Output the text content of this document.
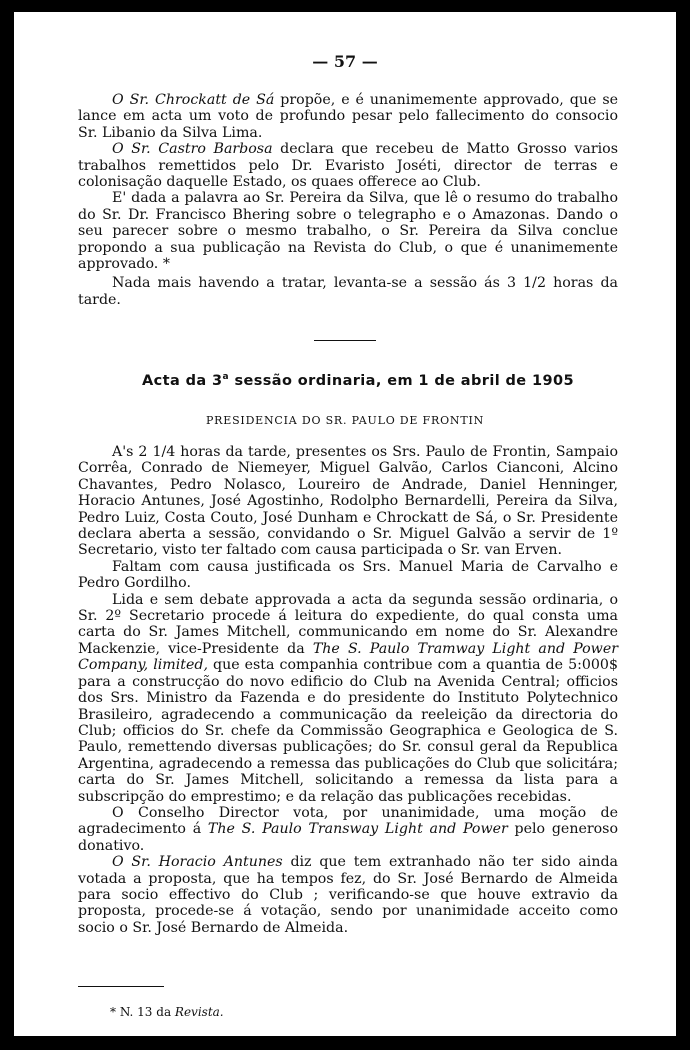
— 57 —

O Sr. Chrockatt de Sá propõe, e é unanimemente approvado, que se lance em acta um voto de profundo pesar pelo fallecimento do consocio Sr. Libanio da Silva Lima.

O Sr. Castro Barbosa declara que recebeu de Matto Grosso varios trabalhos remettidos pelo Dr. Evaristo Joséti, director de terras e colonisação daquelle Estado, os quaes offerece ao Club.

E' dada a palavra ao Sr. Pereira da Silva, que lê o resumo do trabalho do Sr. Dr. Francisco Bhering sobre o telegrapho e o Amazonas. Dando o seu parecer sobre o mesmo trabalho, o Sr. Pereira da Silva conclue propondo a sua publicação na Revista do Club, o que é unanimemente approvado. *

Nada mais havendo a tratar, levanta-se a sessão ás 3 1/2 horas da tarde.

Acta da 3$^a$ sessão ordinaria, em 1 de abril de 1905
PRESIDENCIA DO SR. PAULO DE FRONTIN

A's 2 1/4 horas da tarde, presentes os Srs. Paulo de Frontin, Sampaio Corrêa, Conrado de Niemeyer, Miguel Galvão, Carlos Cianconi, Alcino Chavantes, Pedro Nolasco, Loureiro de Andrade, Daniel Henninger, Horacio Antunes, José Agostinho, Rodolpho Bernardelli, Pereira da Silva, Pedro Luiz, Costa Couto, José Dunham e Chrockatt de Sá, o Sr. Presidente declara aberta a sessão, convidando o Sr. Miguel Galvão a servir de 1º Secretario, visto ter faltado com causa participada o Sr. van Erven.

Faltam com causa justificada os Srs. Manuel Maria de Carvalho e Pedro Gordilho.

Lida e sem debate approvada a acta da segunda sessão ordinaria, o Sr. 2º Secretario procede á leitura do expediente, do qual consta uma carta do Sr. James Mitchell, communicando em nome do Sr. Alexandre Mackenzie, vice-Presidente da The S. Paulo Tramway Light and Power Company, limited, que esta companhia contribue com a quantia de 5:000$ para a construcção do novo edificio do Club na Avenida Central; officios dos Srs. Ministro da Fazenda e do presidente do Instituto Polytechnico Brasileiro, agradecendo a communicação da reeleição da directoria do Club; officios do Sr. chefe da Commissão Geographica e Geologica de S. Paulo, remettendo diversas publicações; do Sr. consul geral da Republica Argentina, agradecendo a remessa das publicações do Club que solicitára; carta do Sr. James Mitchell, solicitando a remessa da lista para a subscripção do emprestimo; e da relação das publicações recebidas.

O Conselho Director vota, por unanimidade, uma moção de agradecimento á The S. Paulo Transway Light and Power pelo generoso donativo.

O Sr. Horacio Antunes diz que tem extranhado não ter sido ainda votada a proposta, que ha tempos fez, do Sr. José Bernardo de Almeida para socio effectivo do Club ; verificando-se que houve extravio da proposta, procede-se á votação, sendo por unanimidade acceito como socio o Sr. José Bernardo de Almeida.

* N. 13 da Revista.
